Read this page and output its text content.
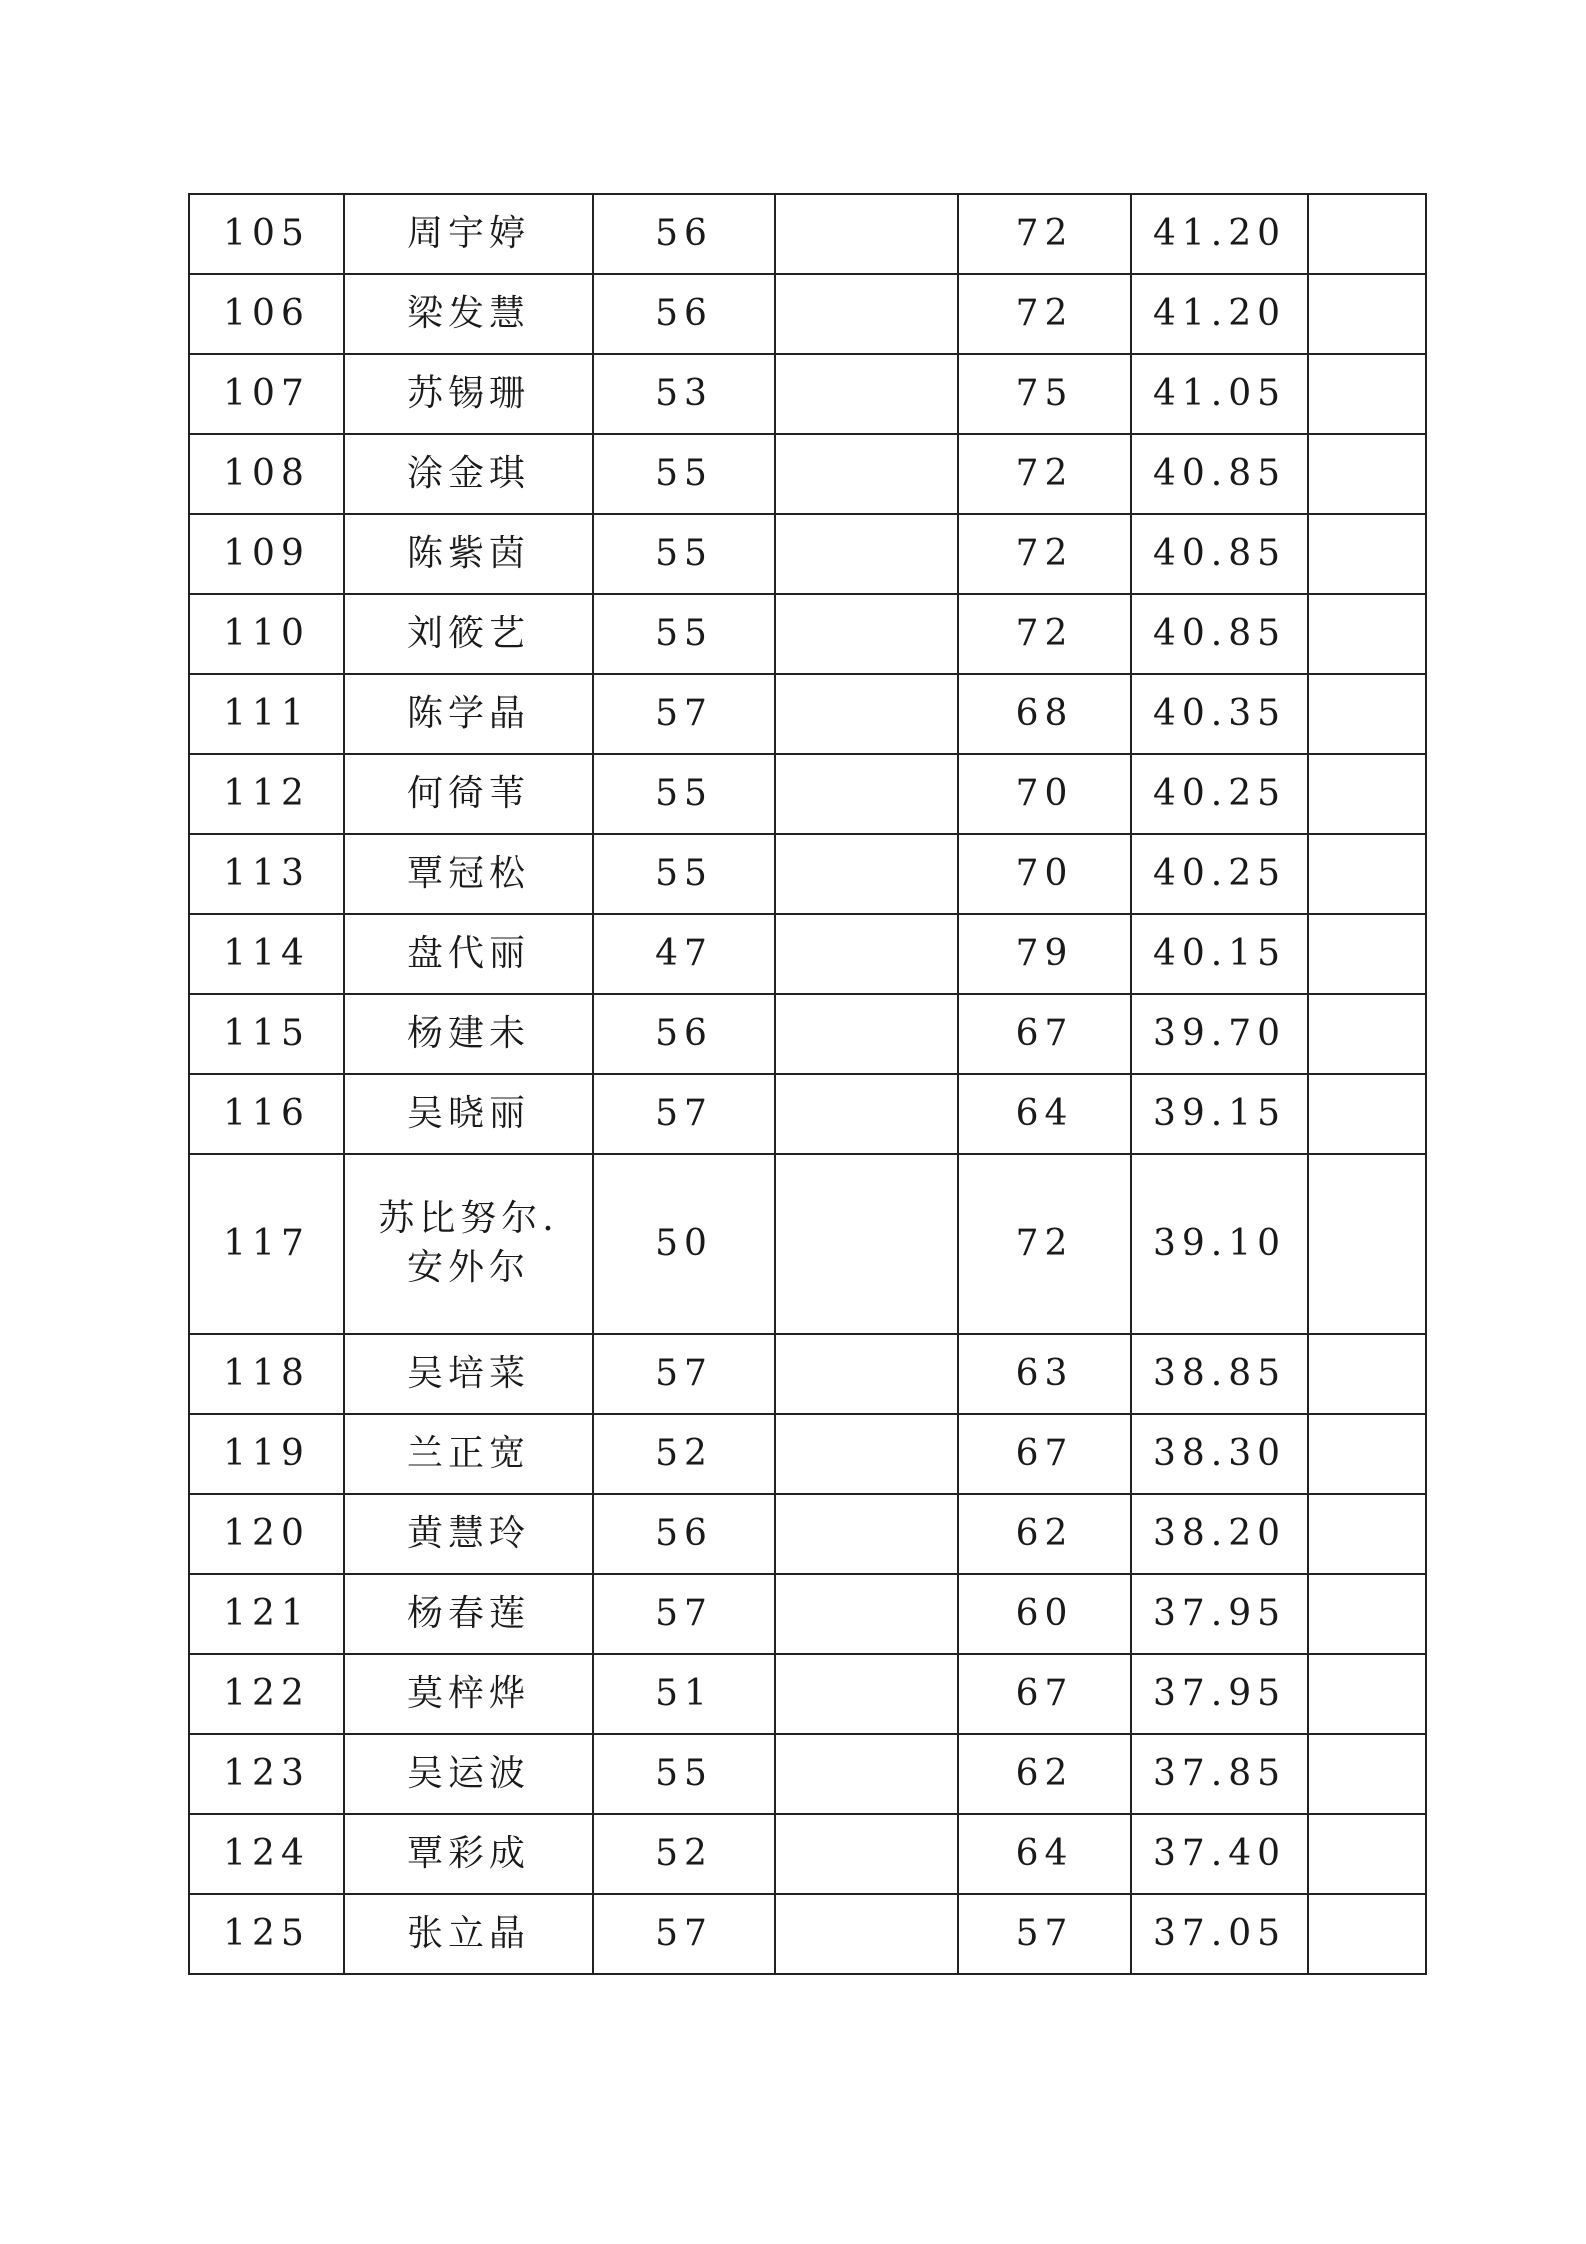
105	周宇婷	56		72	41.20	
106	梁发慧	56		72	41.20	
107	苏锡珊	53		75	41.05	
108	涂金琪	55		72	40.85	
109	陈紫茵	55		72	40.85	
110	刘筱艺	55		72	40.85	
111	陈学晶	57		68	40.35	
112	何徛苇	55		70	40.25	
113	覃冠松	55		70	40.25	
114	盘代丽	47		79	40.15	
115	杨建未	56		67	39.70	
116	吴晓丽	57		64	39.15	
117	苏比努尔.
安外尔	50		72	39.10	
118	吴培菜	57		63	38.85	
119	兰正宽	52		67	38.30	
120	黄慧玲	56		62	38.20	
121	杨春莲	57		60	37.95	
122	莫梓烨	51		67	37.95	
123	吴运波	55		62	37.85	
124	覃彩成	52		64	37.40	
125	张立晶	57		57	37.05	
